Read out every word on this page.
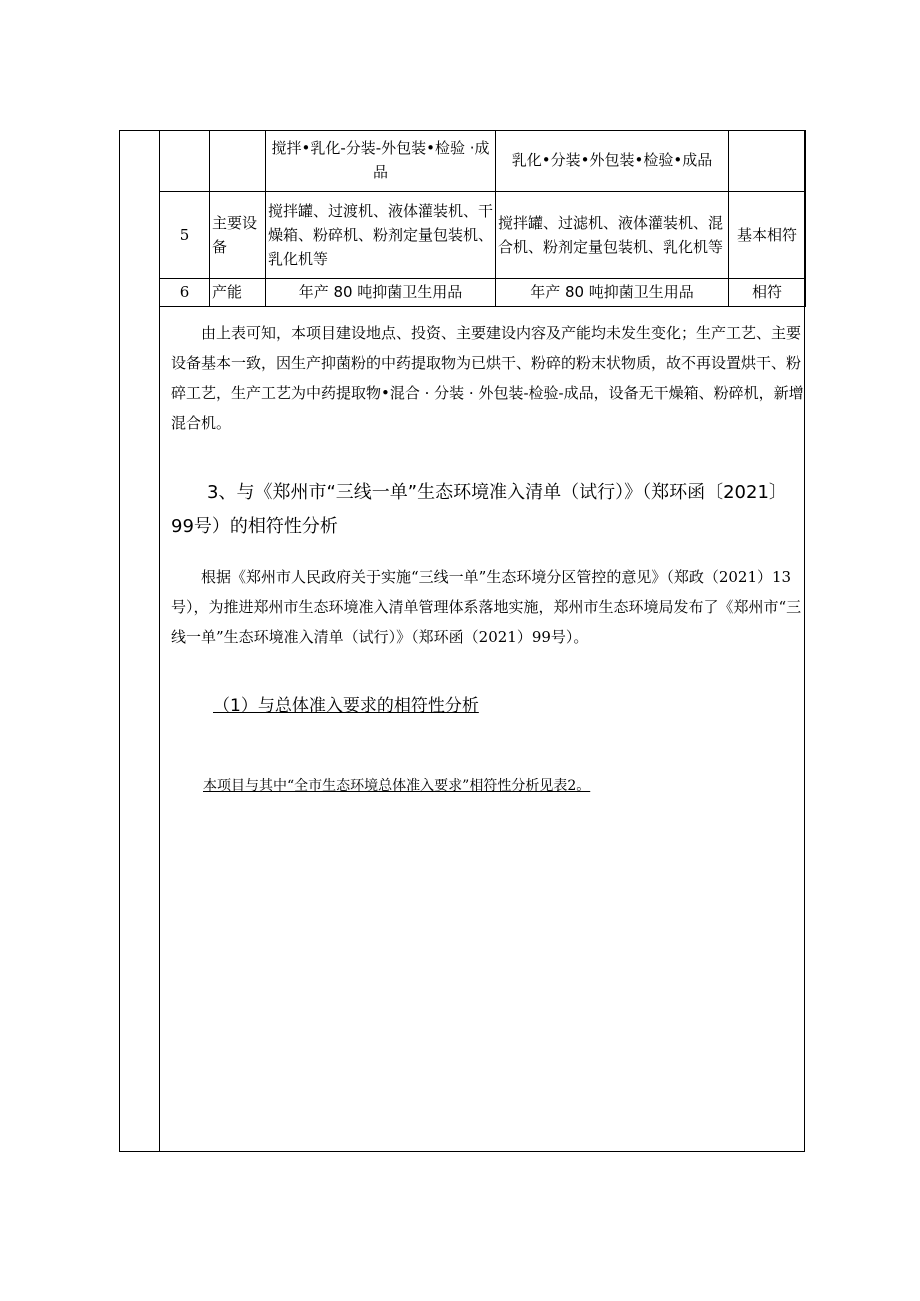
		搅拌•乳化-分装-外包装•检验 ·成品	乳化•分装•外包装•检验•成品	
5	主要设备	搅拌罐、过渡机、液体灌装机、干燥箱、粉碎机、粉剂定量包装机、乳化机等	搅拌罐、过滤机、液体灌装机、混合机、粉剂定量包装机、乳化机等	基本相符
6	产能	年产 80 吨抑菌卫生用品	年产 80 吨抑菌卫生用品	相符

由上表可知，本项目建设地点、投资、主要建设内容及产能均未发生变化；生产工艺、主要设备基本一致，因生产抑菌粉的中药提取物为已烘干、粉碎的粉末状物质，故不再设置烘干、粉碎工艺，生产工艺为中药提取物•混合 · 分装 · 外包装-检验-成品，设备无干燥箱、粉碎机，新增混合机。

3、与《郑州市“三线一单”生态环境准入清单（试行）》（郑环函〔2021〕99号）的相符性分析

根据《郑州市人民政府关于实施“三线一单”生态环境分区管控的意见》（郑政（2021）13号），为推进郑州市生态环境准入清单管理体系落地实施，郑州市生态环境局发布了《郑州市“三线一单”生态环境准入清单（试行）》（郑环函（2021）99号）。

（1）与总体准入要求的相符性分析

本项目与其中“全市生态环境总体准入要求”相符性分析见表2。
